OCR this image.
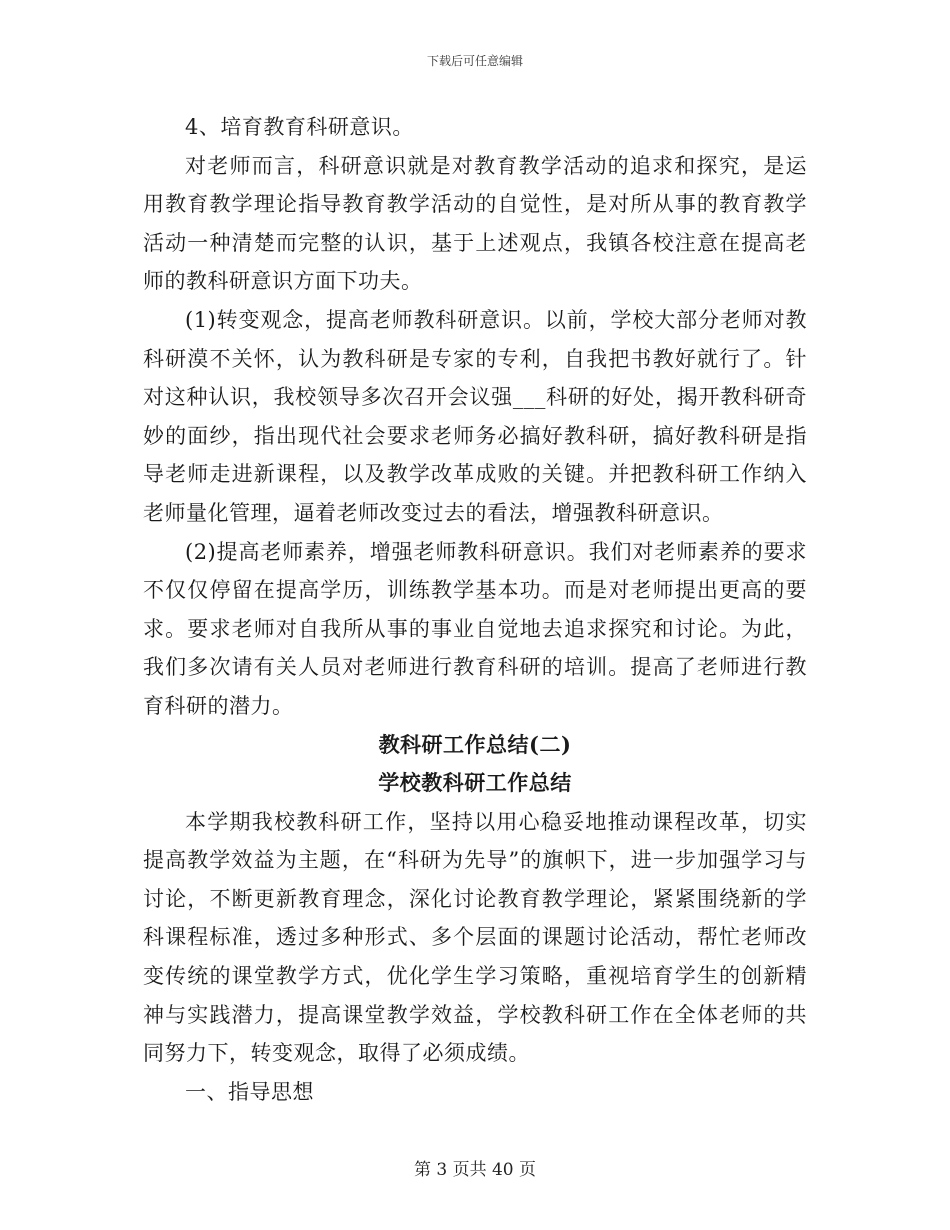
下载后可任意编辑

4、培育教育科研意识。

对老师而言，科研意识就是对教育教学活动的追求和探究，是运用教育教学理论指导教育教学活动的自觉性，是对所从事的教育教学活动一种清楚而完整的认识，基于上述观点，我镇各校注意在提高老师的教科研意识方面下功夫。

(1)转变观念，提高老师教科研意识。以前，学校大部分老师对教科研漠不关怀，认为教科研是专家的专利，自我把书教好就行了。针对这种认识，我校领导多次召开会议强___科研的好处，揭开教科研奇妙的面纱，指出现代社会要求老师务必搞好教科研，搞好教科研是指导老师走进新课程，以及教学改革成败的关键。并把教科研工作纳入老师量化管理，逼着老师改变过去的看法，增强教科研意识。

(2)提高老师素养，增强老师教科研意识。我们对老师素养的要求不仅仅停留在提高学历，训练教学基本功。而是对老师提出更高的要求。要求老师对自我所从事的事业自觉地去追求探究和讨论。为此，我们多次请有关人员对老师进行教育科研的培训。提高了老师进行教育科研的潜力。

教科研工作总结(二)
学校教科研工作总结

本学期我校教科研工作，坚持以用心稳妥地推动课程改革，切实提高教学效益为主题，在“科研为先导”的旗帜下，进一步加强学习与讨论，不断更新教育理念，深化讨论教育教学理论，紧紧围绕新的学科课程标准，透过多种形式、多个层面的课题讨论活动，帮忙老师改变传统的课堂教学方式，优化学生学习策略，重视培育学生的创新精神与实践潜力，提高课堂教学效益，学校教科研工作在全体老师的共同努力下，转变观念，取得了必须成绩。

一、指导思想

第 3 页共 40 页
